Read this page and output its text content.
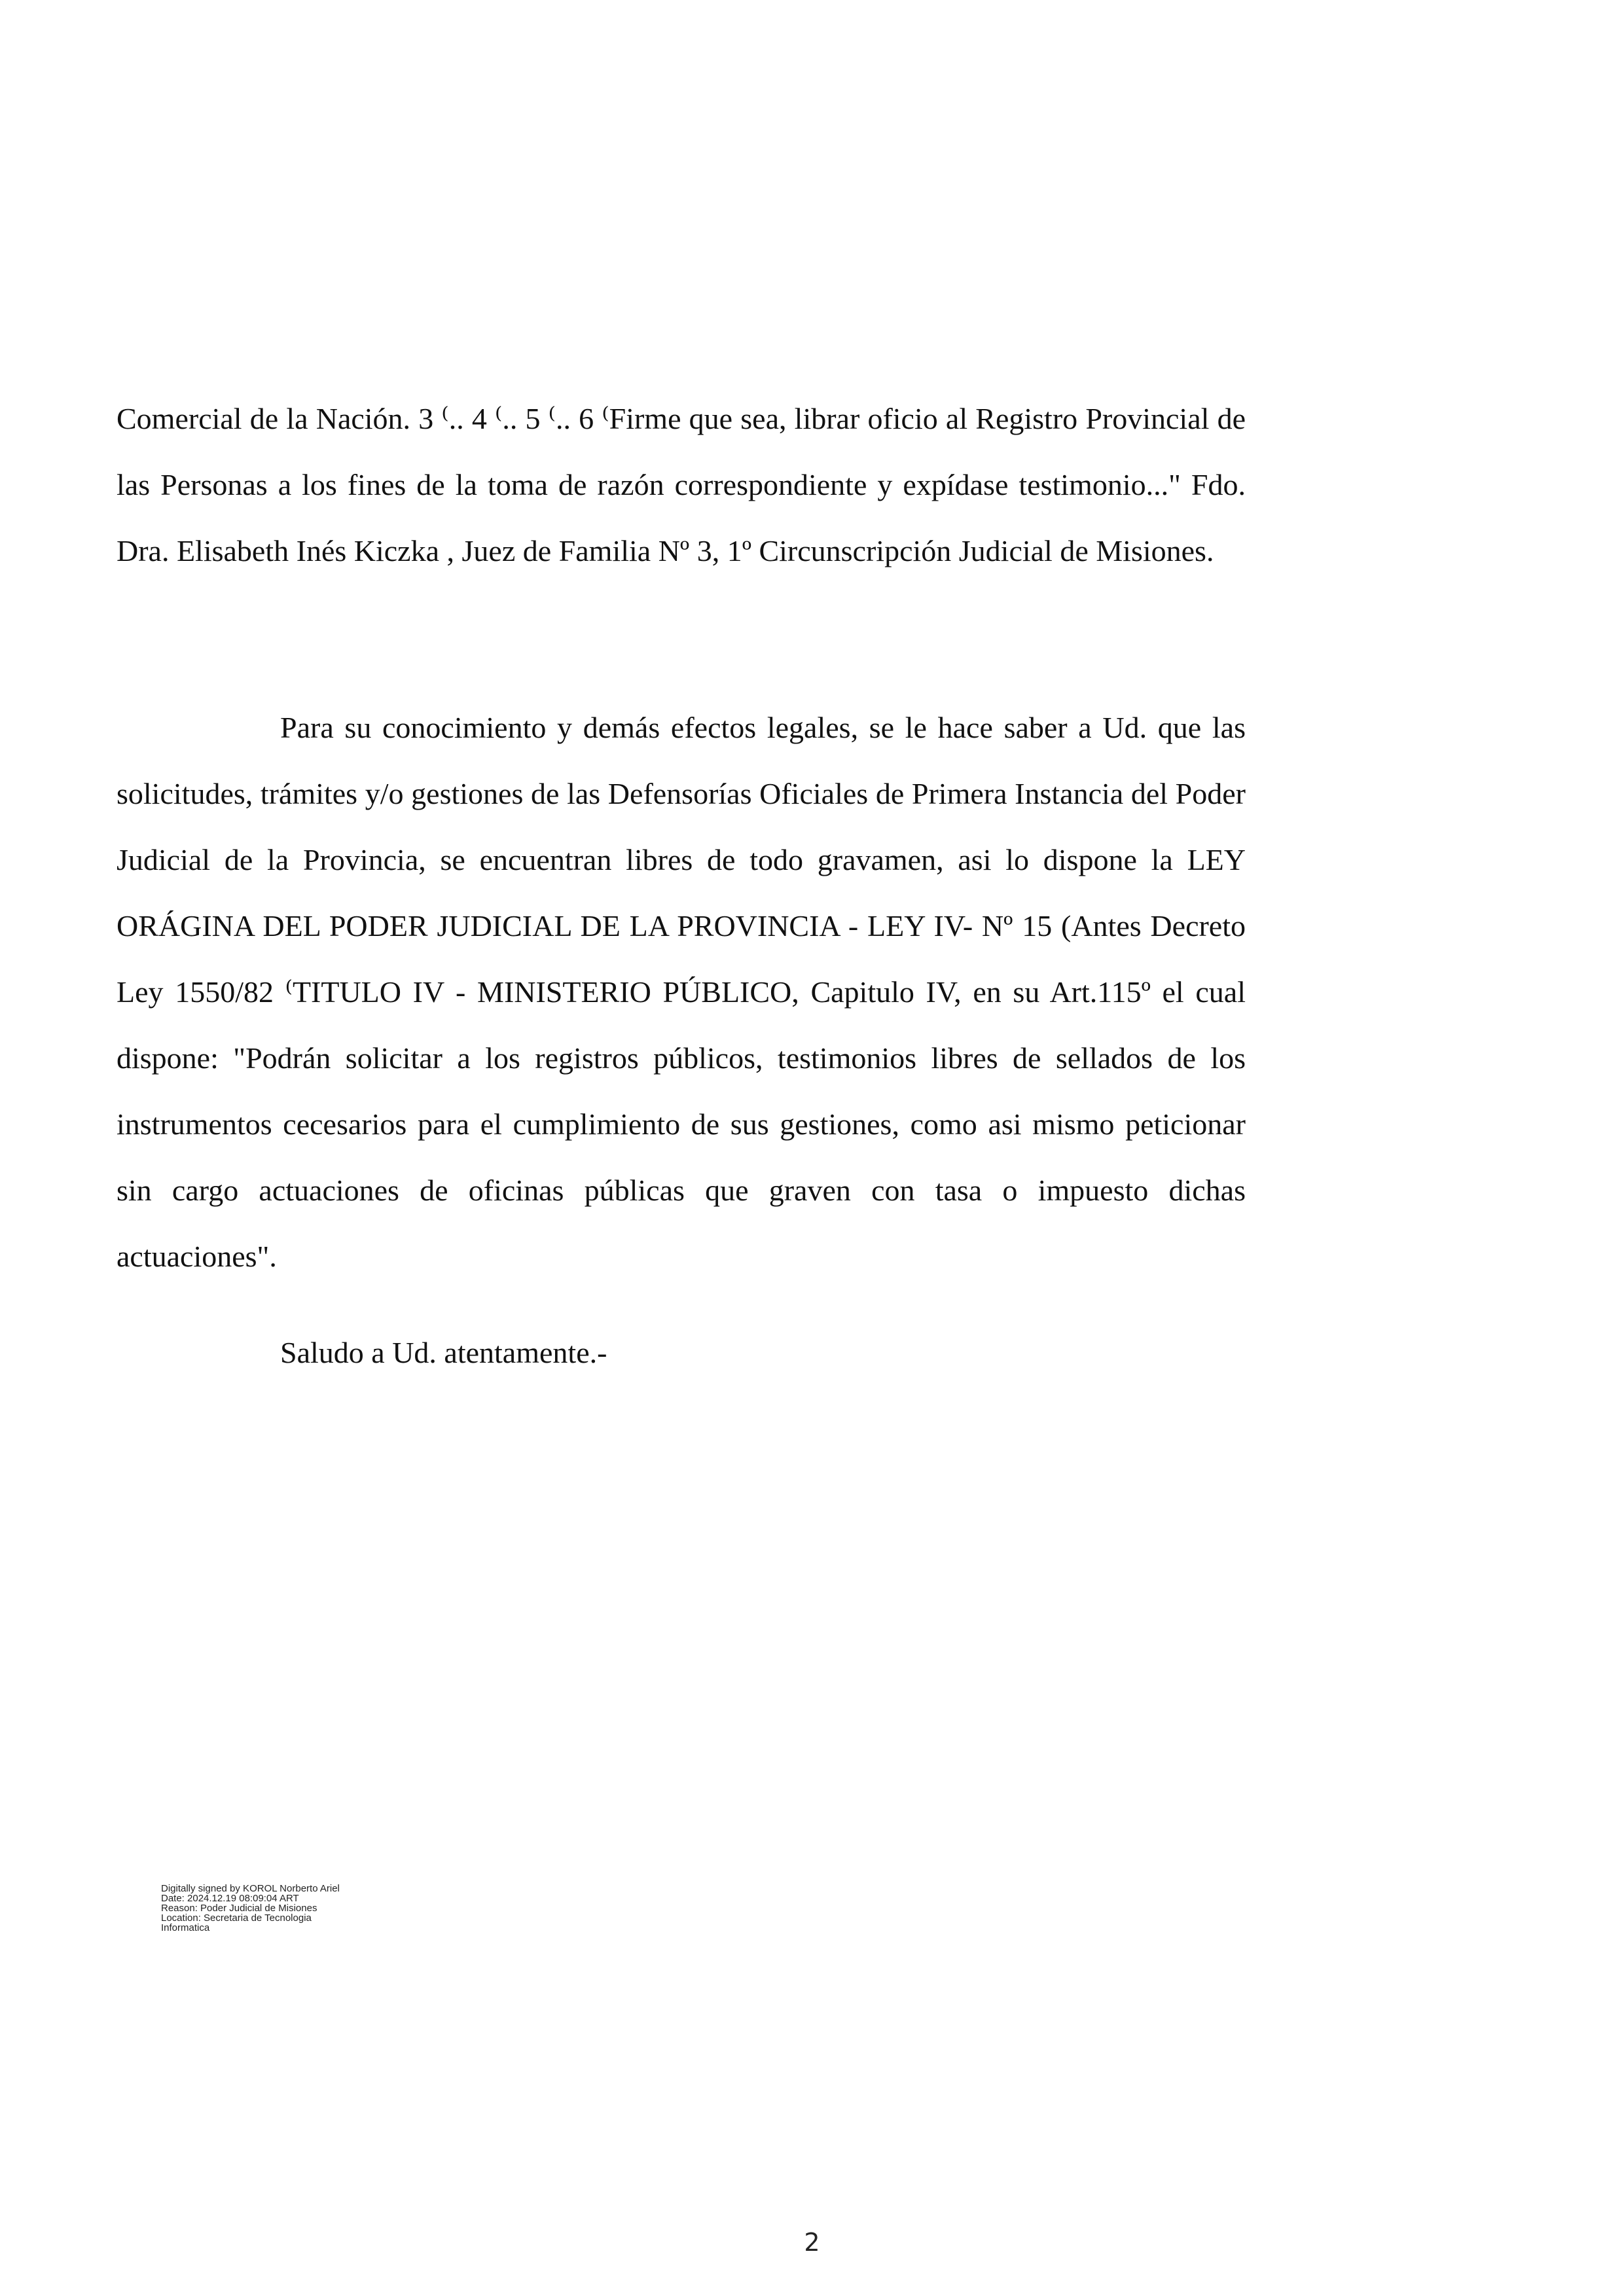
Comercial de la Nación. 3 ⁽.. 4 ⁽.. 5 ⁽.. 6 ⁽Firme que sea, librar oficio al Registro Provincial de las Personas a los fines de la toma de razón correspondiente y expídase testimonio..." Fdo. Dra. Elisabeth Inés Kiczka , Juez de Familia Nº 3, 1º Circunscripción Judicial de Misiones.

Para su conocimiento y demás efectos legales, se le hace saber a Ud. que las solicitudes, trámites y/o gestiones de las Defensorías Oficiales de Primera Instancia del Poder Judicial de la Provincia, se encuentran libres de todo gravamen, asi lo dispone la LEY ORÁGINA DEL PODER JUDICIAL DE LA PROVINCIA - LEY IV- Nº 15 (Antes Decreto Ley 1550/82 ⁽TITULO IV - MINISTERIO PÚBLICO, Capitulo IV, en su Art.115º el cual dispone: "Podrán solicitar a los registros públicos, testimonios libres de sellados de los instrumentos cecesarios para el cumplimiento de sus gestiones, como asi mismo peticionar sin cargo actuaciones de oficinas públicas que graven con tasa o impuesto dichas actuaciones".

Saludo a Ud. atentamente.-

Digitally signed by KOROL Norberto Ariel
Date: 2024.12.19 08:09:04 ART
Reason: Poder Judicial de Misiones
Location: Secretaria de Tecnologia
Informatica
2
